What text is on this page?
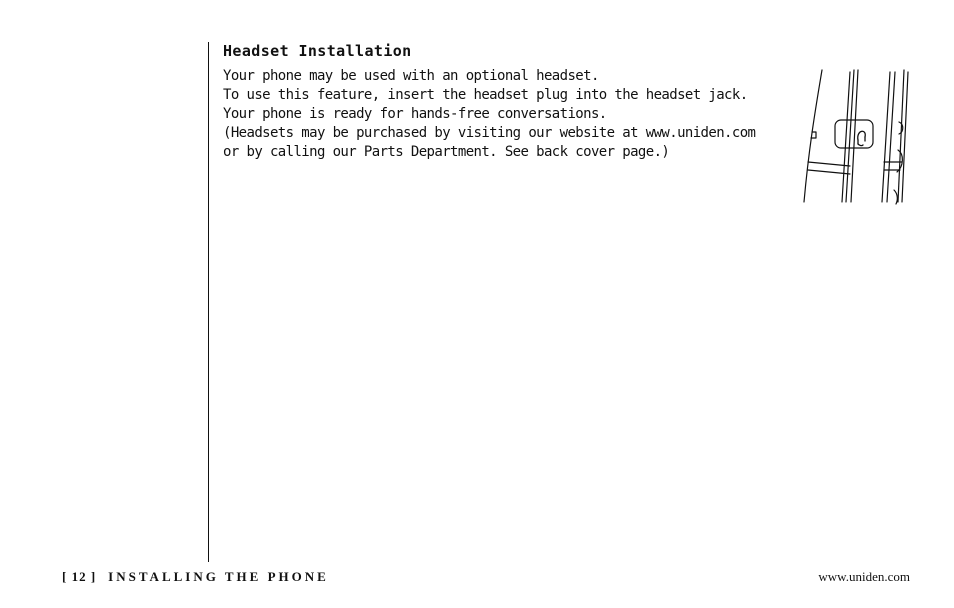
Headset Installation

Your phone may be used with an optional headset.
To use this feature, insert the headset plug into the headset jack.
Your phone is ready for hands-free conversations.
(Headsets may be purchased by visiting our website at www.uniden.com
or by calling our Parts Department. See back cover page.)

[ 12 ] INSTALLING THE PHONE	www.uniden.com
